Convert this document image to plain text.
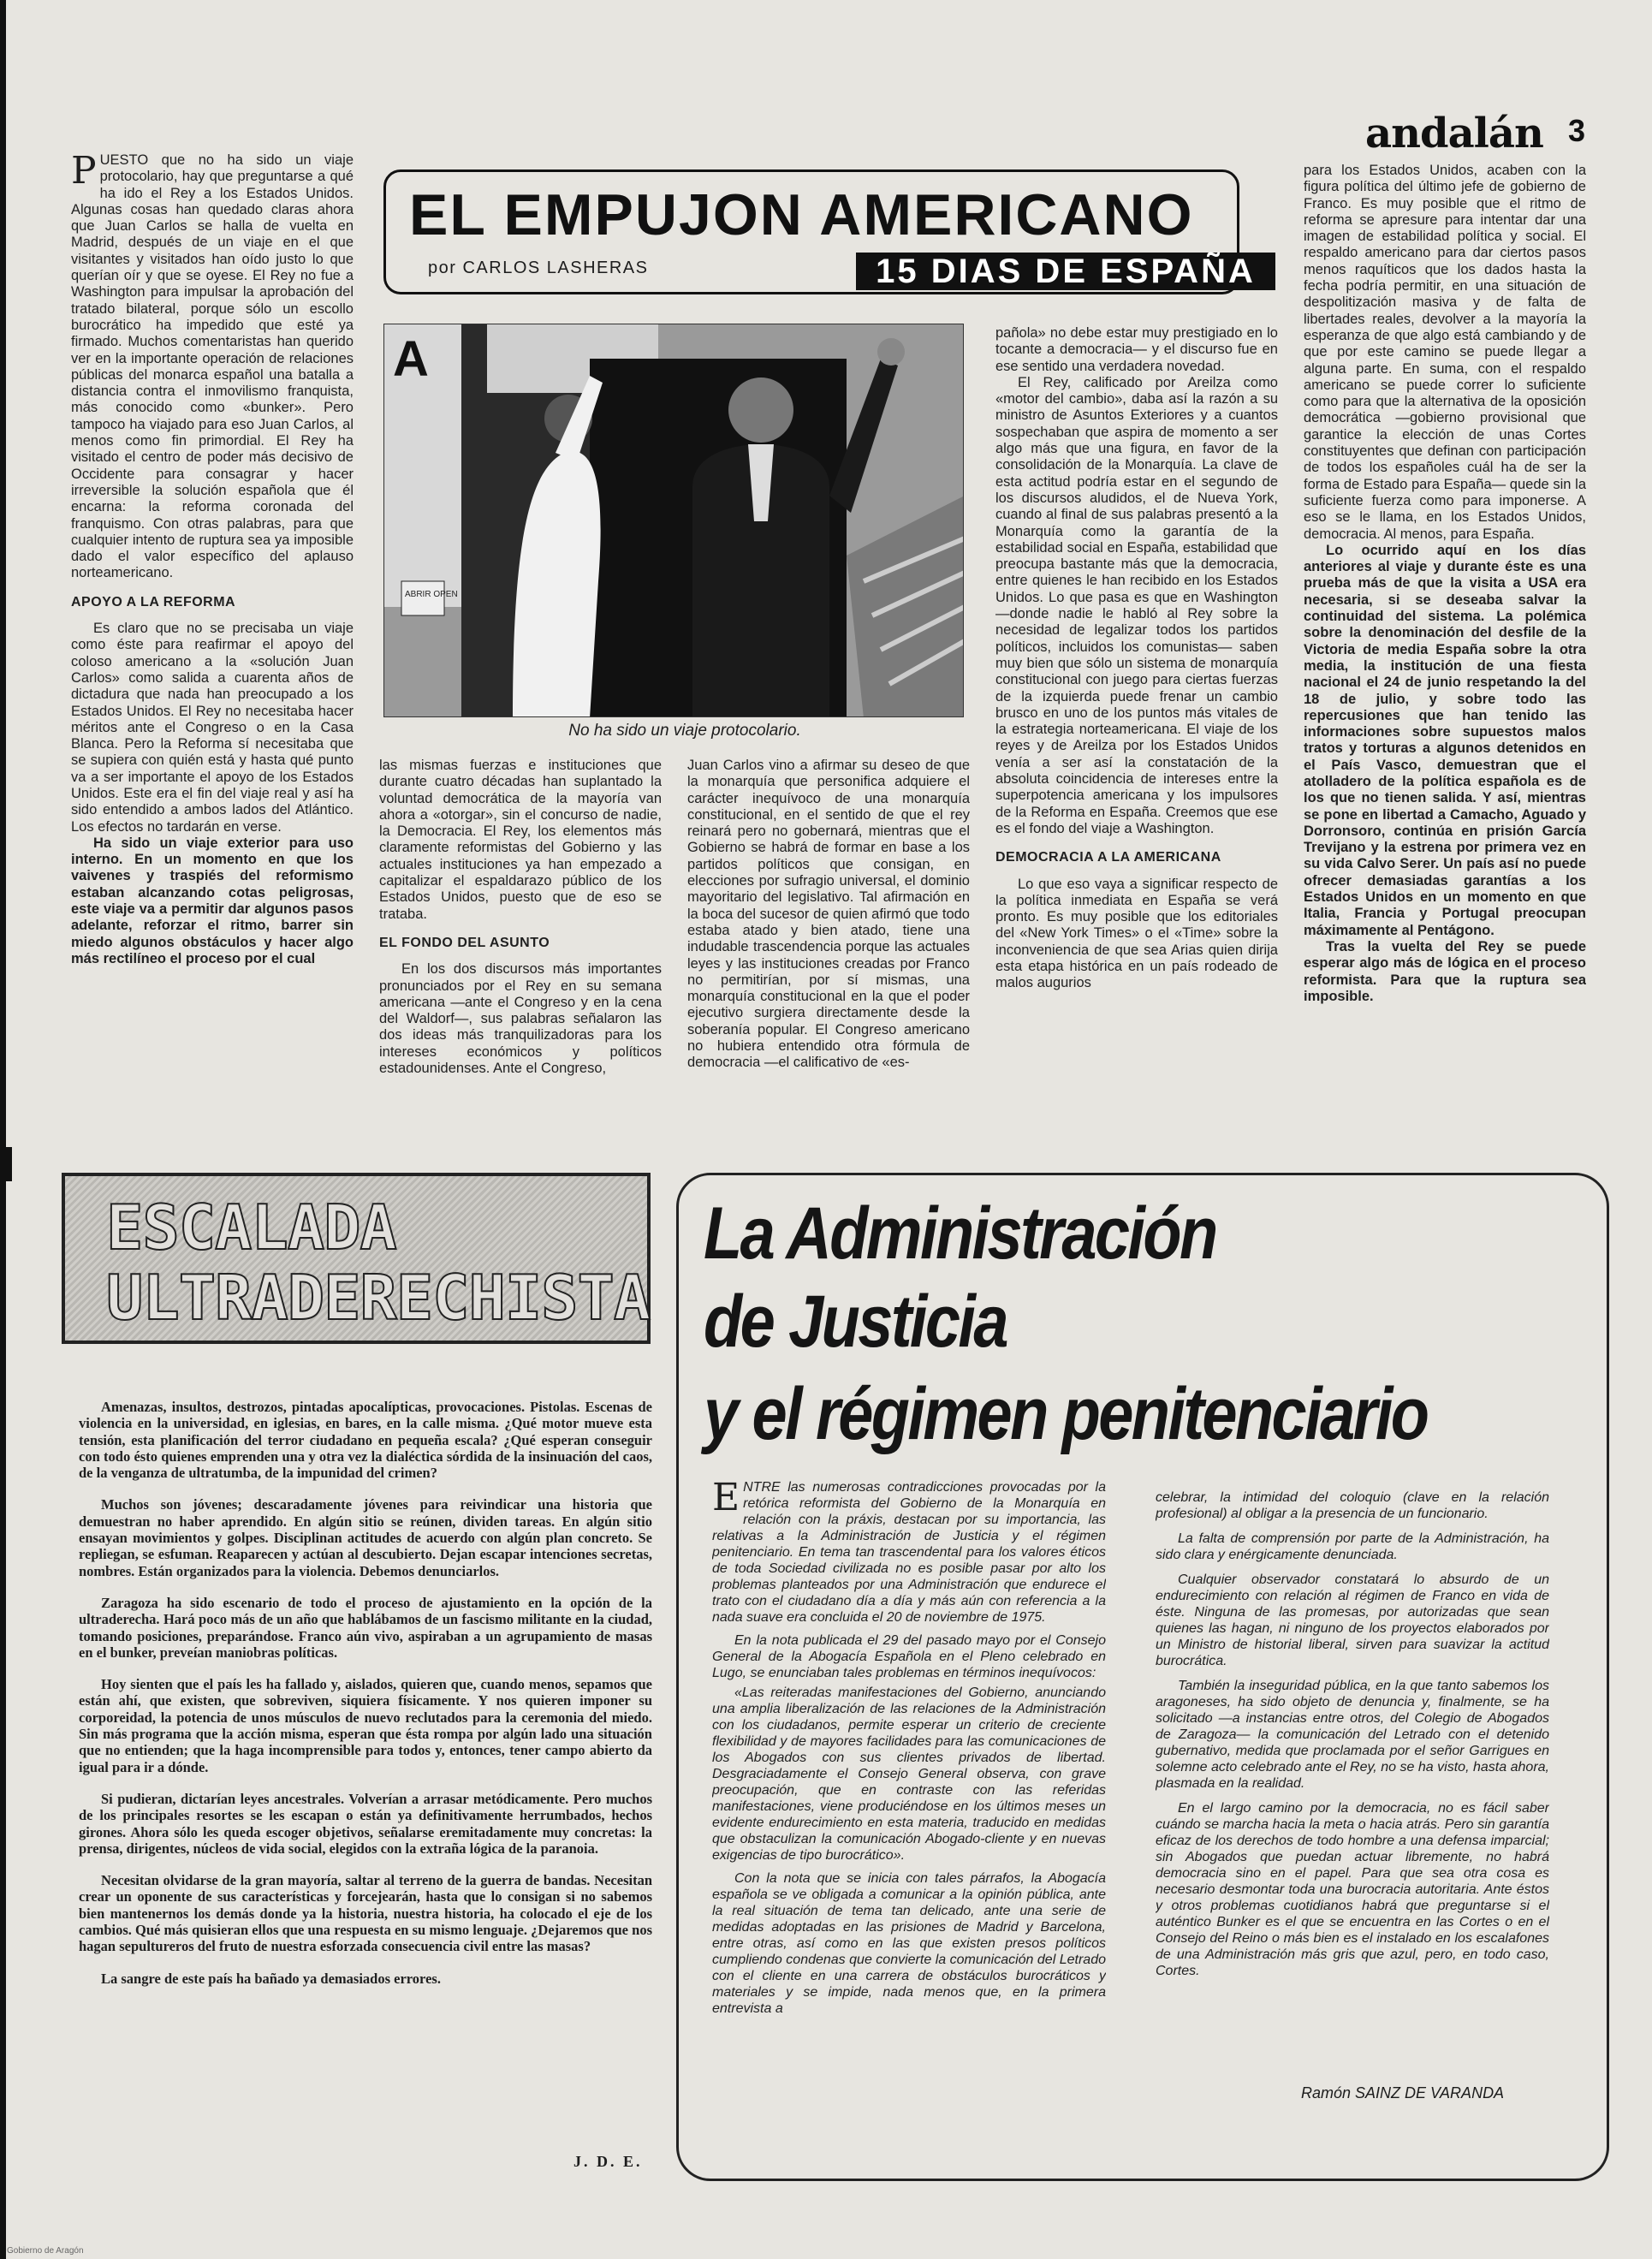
andalán 3

PUESTO que no ha sido un viaje protocolario, hay que preguntarse a qué ha ido el Rey a los Estados Unidos. Algunas cosas han quedado claras ahora que Juan Carlos se halla de vuelta en Madrid, después de un viaje en el que visitantes y visitados han oído justo lo que querían oír y que se oyese. El Rey no fue a Washington para impulsar la aprobación del tratado bilateral, porque sólo un escollo burocrático ha impedido que esté ya firmado. Muchos comentaristas han querido ver en la importante operación de relaciones públicas del monarca español una batalla a distancia contra el inmovilismo franquista, más conocido como «bunker». Pero tampoco ha viajado para eso Juan Carlos, al menos como fin primordial. El Rey ha visitado el centro de poder más decisivo de Occidente para consagrar y hacer irreversible la solución española que él encarna: la reforma coronada del franquismo. Con otras palabras, para que cualquier intento de ruptura sea ya imposible dado el valor específico del aplauso norteamericano.

APOYO A LA REFORMA

Es claro que no se precisaba un viaje como éste para reafirmar el apoyo del coloso americano a la «solución Juan Carlos» como salida a cuarenta años de dictadura que nada han preocupado a los Estados Unidos. El Rey no necesitaba hacer méritos ante el Congreso o en la Casa Blanca. Pero la Reforma sí necesitaba que se supiera con quién está y hasta qué punto va a ser importante el apoyo de los Estados Unidos. Este era el fin del viaje real y así ha sido entendido a ambos lados del Atlántico. Los efectos no tardarán en verse.

Ha sido un viaje exterior para uso interno. En un momento en que los vaivenes y traspiés del reformismo estaban alcanzando cotas peligrosas, este viaje va a permitir dar algunos pasos adelante, reforzar el ritmo, barrer sin miedo algunos obstáculos y hacer algo más rectilíneo el proceso por el cual

EL EMPUJON AMERICANO
por CARLOS LASHERAS	15 DIAS DE ESPAÑA
A
ABRIR OPEN
No ha sido un viaje protocolario.

las mismas fuerzas e instituciones que durante cuatro décadas han suplantado la voluntad democrática de la mayoría van ahora a «otorgar», sin el concurso de nadie, la Democracia. El Rey, los elementos más claramente reformistas del Gobierno y las actuales instituciones ya han empezado a capitalizar el espaldarazo público de los Estados Unidos, puesto que de eso se trataba.

EL FONDO DEL ASUNTO

En los dos discursos más importantes pronunciados por el Rey en su semana americana —ante el Congreso y en la cena del Waldorf—, sus palabras señalaron las dos ideas más tranquilizadoras para los intereses económicos y políticos estadounidenses. Ante el Congreso,

Juan Carlos vino a afirmar su deseo de que la monarquía que personifica adquiere el carácter inequívoco de una monarquía constitucional, en el sentido de que el rey reinará pero no gobernará, mientras que el Gobierno se habrá de formar en base a los partidos políticos que consigan, en elecciones por sufragio universal, el dominio mayoritario del legislativo. Tal afirmación en la boca del sucesor de quien afirmó que todo estaba atado y bien atado, tiene una indudable trascendencia porque las actuales leyes y las instituciones creadas por Franco no permitirían, por sí mismas, una monarquía constitucional en la que el poder ejecutivo surgiera directamente desde la soberanía popular. El Congreso americano no hubiera entendido otra fórmula de democracia —el calificativo de «es-

pañola» no debe estar muy prestigiado en lo tocante a democracia— y el discurso fue en ese sentido una verdadera novedad.

El Rey, calificado por Areilza como «motor del cambio», daba así la razón a su ministro de Asuntos Exteriores y a cuantos sospechaban que aspira de momento a ser algo más que una figura, en favor de la consolidación de la Monarquía. La clave de esta actitud podría estar en el segundo de los discursos aludidos, el de Nueva York, cuando al final de sus palabras presentó a la Monarquía como la garantía de la estabilidad social en España, estabilidad que preocupa bastante más que la democracia, entre quienes le han recibido en los Estados Unidos. Lo que pasa es que en Washington —donde nadie le habló al Rey sobre la necesidad de legalizar todos los partidos políticos, incluidos los comunistas— saben muy bien que sólo un sistema de monarquía constitucional con juego para ciertas fuerzas de la izquierda puede frenar un cambio brusco en uno de los puntos más vitales de la estrategia norteamericana. El viaje de los reyes y de Areilza por los Estados Unidos venía a ser así la constatación de la absoluta coincidencia de intereses entre la superpotencia americana y los impulsores de la Reforma en España. Creemos que ese es el fondo del viaje a Washington.

DEMOCRACIA A LA AMERICANA

Lo que eso vaya a significar respecto de la política inmediata en España se verá pronto. Es muy posible que los editoriales del «New York Times» o el «Time» sobre la inconveniencia de que sea Arias quien dirija esta etapa histórica en un país rodeado de malos augurios

para los Estados Unidos, acaben con la figura política del último jefe de gobierno de Franco. Es muy posible que el ritmo de reforma se apresure para intentar dar una imagen de estabilidad política y social. El respaldo americano para dar ciertos pasos menos raquíticos que los dados hasta la fecha podría permitir, en una situación de despolitización masiva y de falta de libertades reales, devolver a la mayoría la esperanza de que algo está cambiando y de que por este camino se puede llegar a alguna parte. En suma, con el respaldo americano se puede correr lo suficiente como para que la alternativa de la oposición democrática —gobierno provisional que garantice la elección de unas Cortes constituyentes que definan con participación de todos los españoles cuál ha de ser la forma de Estado para España— quede sin la suficiente fuerza como para imponerse. A eso se le llama, en los Estados Unidos, democracia. Al menos, para España.

Lo ocurrido aquí en los días anteriores al viaje y durante éste es una prueba más de que la visita a USA era necesaria, si se deseaba salvar la continuidad del sistema. La polémica sobre la denominación del desfile de la Victoria de media España sobre la otra media, la institución de una fiesta nacional el 24 de junio respetando la del 18 de julio, y sobre todo las repercusiones que han tenido las informaciones sobre supuestos malos tratos y torturas a algunos detenidos en el País Vasco, demuestran que el atolladero de la política española es de los que no tienen salida. Y así, mientras se pone en libertad a Camacho, Aguado y Dorronsoro, continúa en prisión García Trevijano y la estrena por primera vez en su vida Calvo Serer. Un país así no puede ofrecer demasiadas garantías a los Estados Unidos en un momento en que Italia, Francia y Portugal preocupan máximamente al Pentágono.

Tras la vuelta del Rey se puede esperar algo más de lógica en el proceso reformista. Para que la ruptura sea imposible.

ESCALADA
ULTRADERECHISTA

Amenazas, insultos, destrozos, pintadas apocalípticas, provocaciones. Pistolas. Escenas de violencia en la universidad, en iglesias, en bares, en la calle misma. ¿Qué motor mueve esta tensión, esta planificación del terror ciudadano en pequeña escala? ¿Qué esperan conseguir con todo ésto quienes emprenden una y otra vez la dialéctica sórdida de la insinuación del caos, de la venganza de ultratumba, de la impunidad del crimen?

Muchos son jóvenes; descaradamente jóvenes para reivindicar una historia que demuestran no haber aprendido. En algún sitio se reúnen, dividen tareas. En algún sitio ensayan movimientos y golpes. Disciplinan actitudes de acuerdo con algún plan concreto. Se repliegan, se esfuman. Reaparecen y actúan al descubierto. Dejan escapar intenciones secretas, nombres. Están organizados para la violencia. Debemos denunciarlos.

Zaragoza ha sido escenario de todo el proceso de ajustamiento en la opción de la ultraderecha. Hará poco más de un año que hablábamos de un fascismo militante en la ciudad, tomando posiciones, preparándose. Franco aún vivo, aspiraban a un agrupamiento de masas en el bunker, preveían maniobras políticas.

Hoy sienten que el país les ha fallado y, aislados, quieren que, cuando menos, sepamos que están ahí, que existen, que sobreviven, siquiera físicamente. Y nos quieren imponer su corporeidad, la potencia de unos músculos de nuevo reclutados para la ceremonia del miedo. Sin más programa que la acción misma, esperan que ésta rompa por algún lado una situación que no entienden; que la haga incomprensible para todos y, entonces, tener campo abierto da igual para ir a dónde.

Si pudieran, dictarían leyes ancestrales. Volverían a arrasar metódicamente. Pero muchos de los principales resortes se les escapan o están ya definitivamente herrumbados, hechos girones. Ahora sólo les queda escoger objetivos, señalarse eremitadamente muy concretas: la prensa, dirigentes, núcleos de vida social, elegidos con la extraña lógica de la paranoia.

Necesitan olvidarse de la gran mayoría, saltar al terreno de la guerra de bandas. Necesitan crear un oponente de sus características y forcejearán, hasta que lo consigan si no sabemos bien mantenernos los demás donde ya la historia, nuestra historia, ha colocado el eje de los cambios. Qué más quisieran ellos que una respuesta en su mismo lenguaje. ¿Dejaremos que nos hagan sepultureros del fruto de nuestra esforzada consecuencia civil entre las masas?

La sangre de este país ha bañado ya demasiados errores.

J. D. E.
La Administración
de Justicia
y el régimen penitenciario

ENTRE las numerosas contradicciones provocadas por la retórica reformista del Gobierno de la Monarquía en relación con la práxis, destacan por su importancia, las relativas a la Administración de Justicia y el régimen penitenciario. En tema tan trascendental para los valores éticos de toda Sociedad civilizada no es posible pasar por alto los problemas planteados por una Administración que endurece el trato con el ciudadano día a día y más aún con referencia a la nada suave era concluida el 20 de noviembre de 1975.

En la nota publicada el 29 del pasado mayo por el Consejo General de la Abogacía Española en el Pleno celebrado en Lugo, se enunciaban tales problemas en términos inequívocos:

«Las reiteradas manifestaciones del Gobierno, anunciando una amplia liberalización de las relaciones de la Administración con los ciudadanos, permite esperar un criterio de creciente flexibilidad y de mayores facilidades para las comunicaciones de los Abogados con sus clientes privados de libertad. Desgraciadamente el Consejo General observa, con grave preocupación, que en contraste con las referidas manifestaciones, viene produciéndose en los últimos meses un evidente endurecimiento en esta materia, traducido en medidas que obstaculizan la comunicación Abogado-cliente y en nuevas exigencias de tipo burocrático».

Con la nota que se inicia con tales párrafos, la Abogacía española se ve obligada a comunicar a la opinión pública, ante la real situación de tema tan delicado, ante una serie de medidas adoptadas en las prisiones de Madrid y Barcelona, entre otras, así como en las que existen presos políticos cumpliendo condenas que convierte la comunicación del Letrado con el cliente en una carrera de obstáculos burocráticos y materiales y se impide, nada menos que, en la primera entrevista a

celebrar, la intimidad del coloquio (clave en la relación profesional) al obligar a la presencia de un funcionario.

La falta de comprensión por parte de la Administración, ha sido clara y enérgicamente denunciada.

Cualquier observador constatará lo absurdo de un endurecimiento con relación al régimen de Franco en vida de éste. Ninguna de las promesas, por autorizadas que sean quienes las hagan, ni ninguno de los proyectos elaborados por un Ministro de historial liberal, sirven para suavizar la actitud burocrática.

También la inseguridad pública, en la que tanto sabemos los aragoneses, ha sido objeto de denuncia y, finalmente, se ha solicitado —a instancias entre otros, del Colegio de Abogados de Zaragoza— la comunicación del Letrado con el detenido gubernativo, medida que proclamada por el señor Garrigues en solemne acto celebrado ante el Rey, no se ha visto, hasta ahora, plasmada en la realidad.

En el largo camino por la democracia, no es fácil saber cuándo se marcha hacia la meta o hacia atrás. Pero sin garantía eficaz de los derechos de todo hombre a una defensa imparcial; sin Abogados que puedan actuar libremente, no habrá democracia sino en el papel. Para que sea otra cosa es necesario desmontar toda una burocracia autoritaria. Ante éstos y otros problemas cuotidianos habrá que preguntarse si el auténtico Bunker es el que se encuentra en las Cortes o en el Consejo del Reino o más bien es el instalado en los escalafones de una Administración más gris que azul, pero, en todo caso, Cortes.

Ramón SAINZ DE VARANDA
Gobierno de Aragón
